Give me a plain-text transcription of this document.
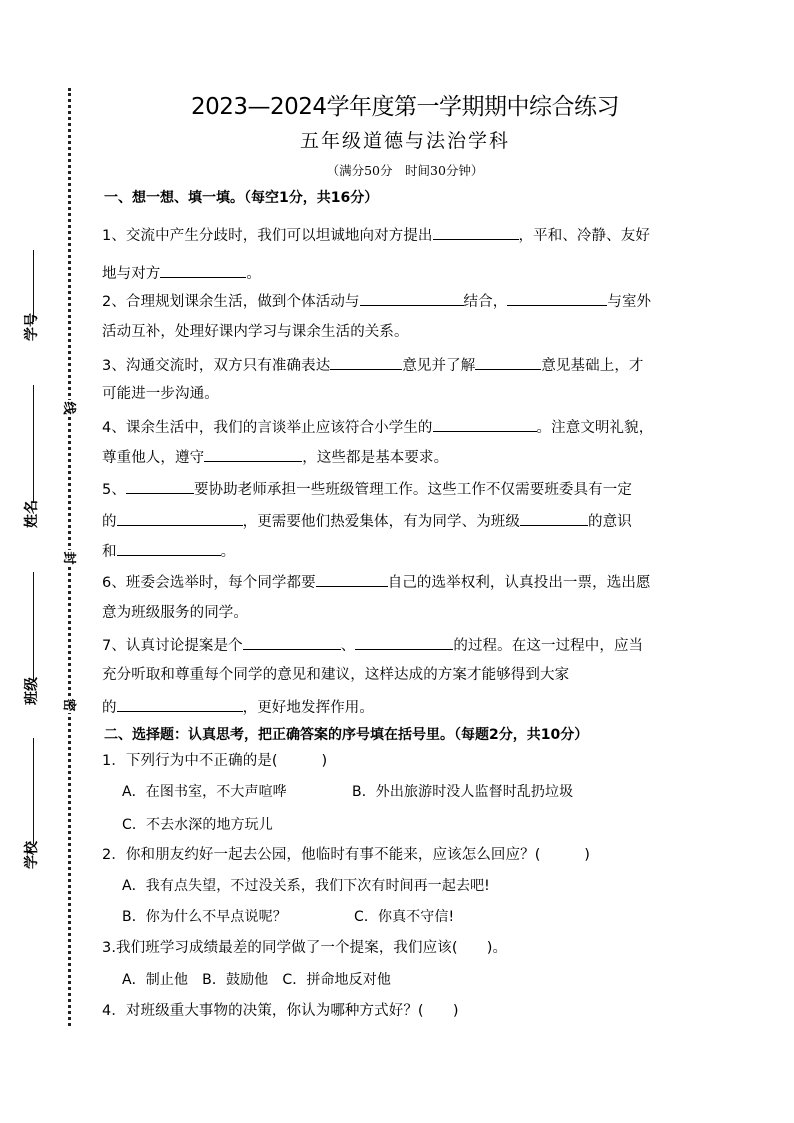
学号
姓名
班级
学校
线
封
密
2023—2024学年度第一学期期中综合练习
五年级道德与法治学科
（满分50分　时间30分钟）
一、想一想、填一填。（每空1分，共16分）
1、交流中产生分歧时，我们可以坦诚地向对方提出	，平和、冷静、友好
地与对方	。
2、合理规划课余生活，做到个体活动与	结合，	与室外
活动互补，处理好课内学习与课余生活的关系。
3、沟通交流时，双方只有准确表达	意见并了解	意见基础上，才
可能进一步沟通。
4、课余生活中，我们的言谈举止应该符合小学生的	。注意文明礼貌，
尊重他人，遵守	，这些都是基本要求。
5、	要协助老师承担一些班级管理工作。这些工作不仅需要班委具有一定
的	，更需要他们热爱集体，有为同学、为班级	的意识
和	。
6、班委会选举时，每个同学都要	自己的选举权利，认真投出一票，选出愿
意为班级服务的同学。
7、认真讨论提案是个	、	的过程。在这一过程中，应当
充分听取和尊重每个同学的意见和建议，这样达成的方案才能够得到大家
的	，更好地发挥作用。
二、选择题：认真思考，把正确答案的序号填在括号里。（每题2分，共10分）
1．下列行为中不正确的是(　　　)
A．在图书室，不大声喧哗	B．外出旅游时没人监督时乱扔垃圾
C．不去水深的地方玩儿
2．你和朋友约好一起去公园，他临时有事不能来，应该怎么回应？(　　　)
A．我有点失望，不过没关系，我们下次有时间再一起去吧!
B．你为什么不早点说呢？	C．你真不守信!
3.我们班学习成绩最差的同学做了一个提案，我们应该(　　)。
A．制止他　B．鼓励他　C．拼命地反对他
4．对班级重大事物的决策，你认为哪种方式好？(　　)
